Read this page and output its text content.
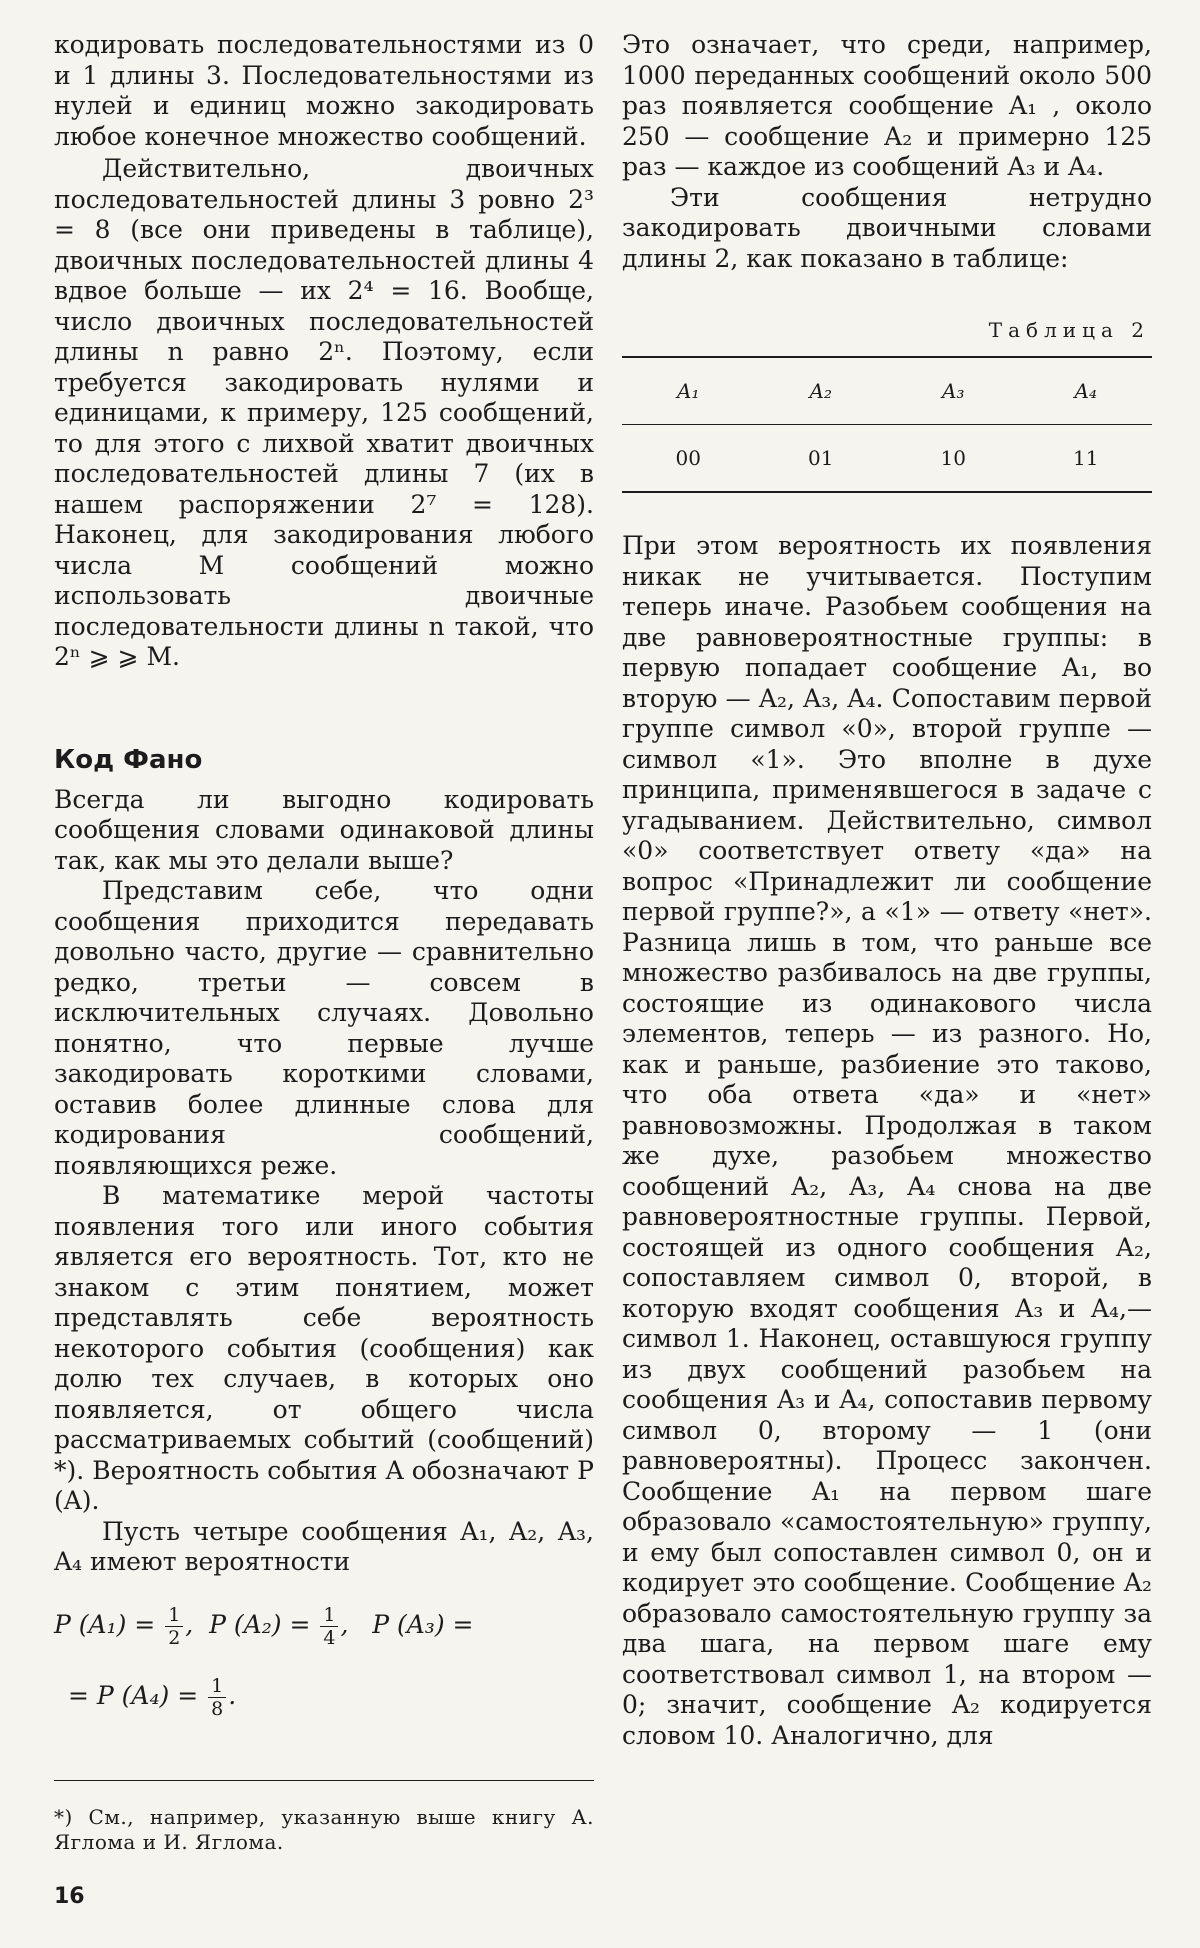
кодировать последовательностями из 0 и 1 длины 3. Последовательностями из нулей и единиц можно закодировать любое конечное множество сообщений.

Действительно, двоичных последовательностей длины 3 ровно 2³ = 8 (все они приведены в таблице), двоичных последовательностей длины 4 вдвое больше — их 2⁴ = 16. Вообще, число двоичных последовательностей длины n равно 2ⁿ. Поэтому, если требуется закодировать нулями и единицами, к примеру, 125 сообщений, то для этого с лихвой хватит двоичных последовательностей длины 7 (их в нашем распоряжении 2⁷ = 128). Наконец, для закодирования любого числа M сообщений можно использовать двоичные последовательности длины n такой, что 2ⁿ ⩾ ⩾ M.

Код Фано

Всегда ли выгодно кодировать сообщения словами одинаковой длины так, как мы это делали выше?

Представим себе, что одни сообщения приходится передавать довольно часто, другие — сравнительно редко, третьи — совсем в исключительных случаях. Довольно понятно, что первые лучше закодировать короткими словами, оставив более длинные слова для кодирования сообщений, появляющихся реже.

В математике мерой частоты появления того или иного события является его вероятность. Тот, кто не знаком с этим понятием, может представлять себе вероятность некоторого события (сообщения) как долю тех случаев, в которых оно появляется, от общего числа рассматриваемых событий (сообщений) *). Вероятность события A обозначают P (A).

Пусть четыре сообщения A₁, A₂, A₃, A₄ имеют вероятности

P $(A_1) = \frac{1}{2}$ ,  P $(A_2) = \frac{1}{4}$ ,   P (A₃) =
= P $(A_4) = \frac{1}{8}$ .

*) См., например, указанную выше книгу А. Яглома и И. Яглома.

Это означает, что среди, например, 1000 переданных сообщений около 500 раз появляется сообщение A₁ , около 250 — сообщение A₂ и примерно 125 раз — каждое из сообщений A₃ и A₄.

Эти сообщения нетрудно закодировать двоичными словами длины 2, как показано в таблице:

Таблица 2
A₁	A₂	A₃	A₄
00	01	10	11

При этом вероятность их появления никак не учитывается. Поступим теперь иначе. Разобьем сообщения на две равновероятностные группы: в первую попадает сообщение A₁, во вторую — A₂, A₃, A₄. Сопоставим первой группе символ «0», второй группе — символ «1». Это вполне в духе принципа, применявшегося в задаче с угадыванием. Действительно, символ «0» соответствует ответу «да» на вопрос «Принадлежит ли сообщение первой группе?», а «1» — ответу «нет». Разница лишь в том, что раньше все множество разбивалось на две группы, состоящие из одинакового числа элементов, теперь — из разного. Но, как и раньше, разбиение это таково, что оба ответа «да» и «нет» равновозможны. Продолжая в таком же духе, разобьем множество сообщений A₂, A₃, A₄ снова на две равновероятностные группы. Первой, состоящей из одного сообщения A₂, сопоставляем символ 0, второй, в которую входят сообщения A₃ и A₄,— символ 1. Наконец, оставшуюся группу из двух сообщений разобьем на сообщения A₃ и A₄, сопоставив первому символ 0, второму — 1 (они равновероятны). Процесс закончен. Сообщение A₁ на первом шаге образовало «самостоятельную» группу, и ему был сопоставлен символ 0, он и кодирует это сообщение. Сообщение A₂ образовало самостоятельную группу за два шага, на первом шаге ему соответствовал символ 1, на втором — 0; значит, сообщение A₂ кодируется словом 10. Аналогично, для

16
